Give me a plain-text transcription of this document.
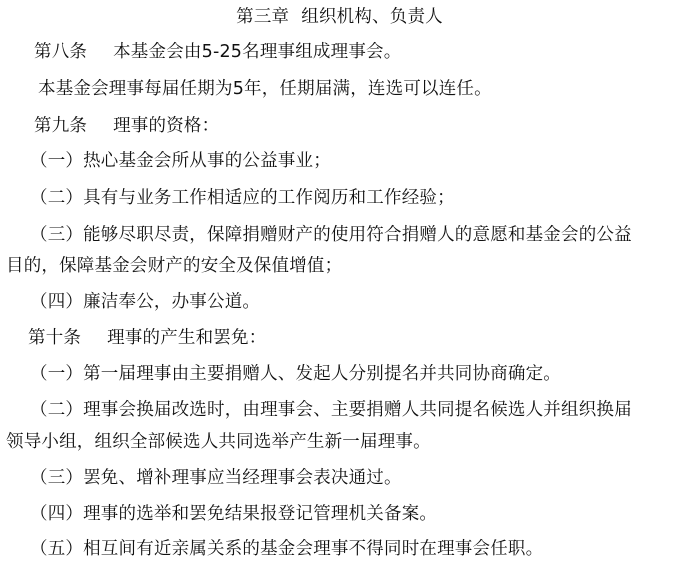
第三章 组织机构、负责人
第八条 本基金会由5-25名理事组成理事会。
本基金会理事每届任期为5年，任期届满，连选可以连任。
第九条 理事的资格：
（一）热心基金会所从事的公益事业；
（二）具有与业务工作相适应的工作阅历和工作经验；
（三）能够尽职尽责，保障捐赠财产的使用符合捐赠人的意愿和基金会的公益
目的，保障基金会财产的安全及保值增值；
（四）廉洁奉公，办事公道。
第十条 理事的产生和罢免：
（一）第一届理事由主要捐赠人、发起人分别提名并共同协商确定。
（二）理事会换届改选时，由理事会、主要捐赠人共同提名候选人并组织换届
领导小组，组织全部候选人共同选举产生新一届理事。
（三）罢免、增补理事应当经理事会表决通过。
（四）理事的选举和罢免结果报登记管理机关备案。
（五）相互间有近亲属关系的基金会理事不得同时在理事会任职。
